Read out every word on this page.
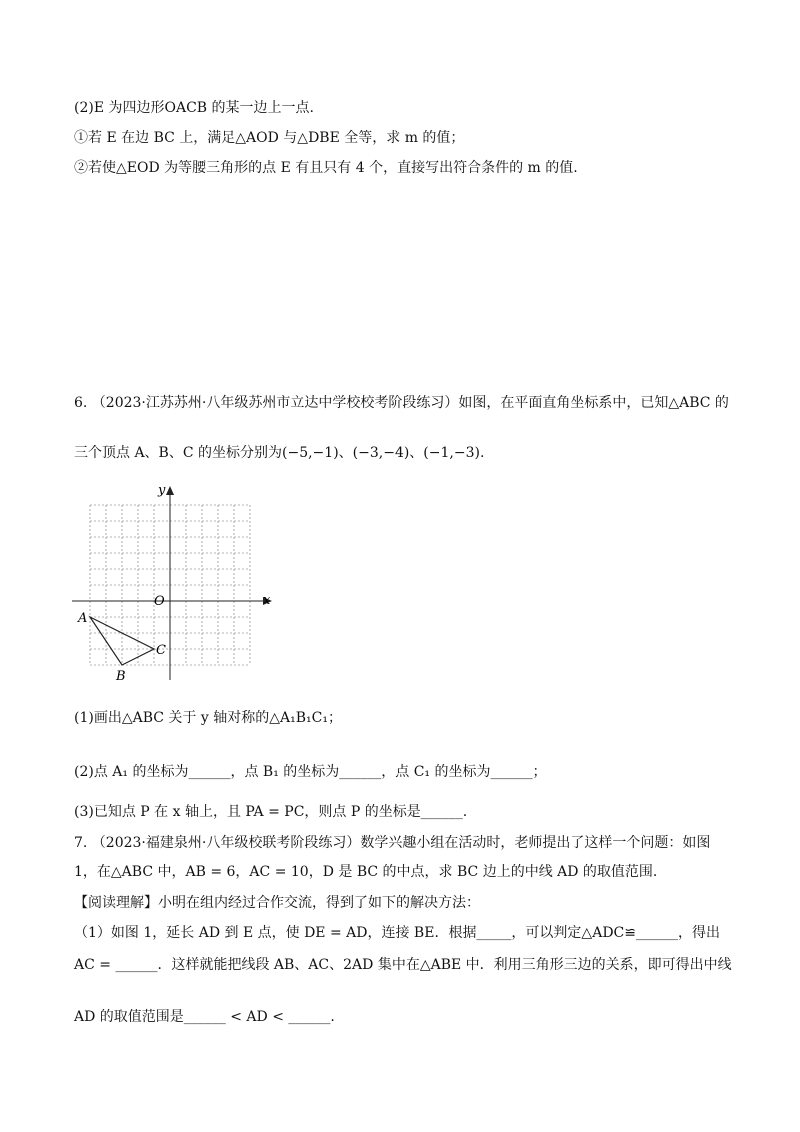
(2)E 为四边形OACB 的某一边上一点.
①若 E 在边 BC 上，满足△AOD 与△DBE 全等，求 m 的值；
②若使△EOD 为等腰三角形的点 E 有且只有 4 个，直接写出符合条件的 m 的值.
6. （2023·江苏苏州·八年级苏州市立达中学校校考阶段练习）如图，在平面直角坐标系中，已知△ABC 的
三个顶点 A、B、C 的坐标分别为(−5,−1)、(−3,−4)、(−1,−3).
y
x
O
A
B
C
(1)画出△ABC 关于 y 轴对称的△A₁B₁C₁；
(2)点 A₁ 的坐标为______，点 B₁ 的坐标为______，点 C₁ 的坐标为______；
(3)已知点 P 在 x 轴上，且 PA = PC，则点 P 的坐标是______.
7. （2023·福建泉州·八年级校联考阶段练习）数学兴趣小组在活动时，老师提出了这样一个问题：如图
1，在△ABC 中，AB = 6，AC = 10，D 是 BC 的中点，求 BC 边上的中线 AD 的取值范围.
【阅读理解】小明在组内经过合作交流，得到了如下的解决方法：
（1）如图 1，延长 AD 到 E 点，使 DE = AD，连接 BE．根据_____，可以判定△ADC≌______，得出
AC = ______．这样就能把线段 AB、AC、2AD 集中在△ABE 中．利用三角形三边的关系，即可得出中线
AD 的取值范围是______ < AD < ______.
